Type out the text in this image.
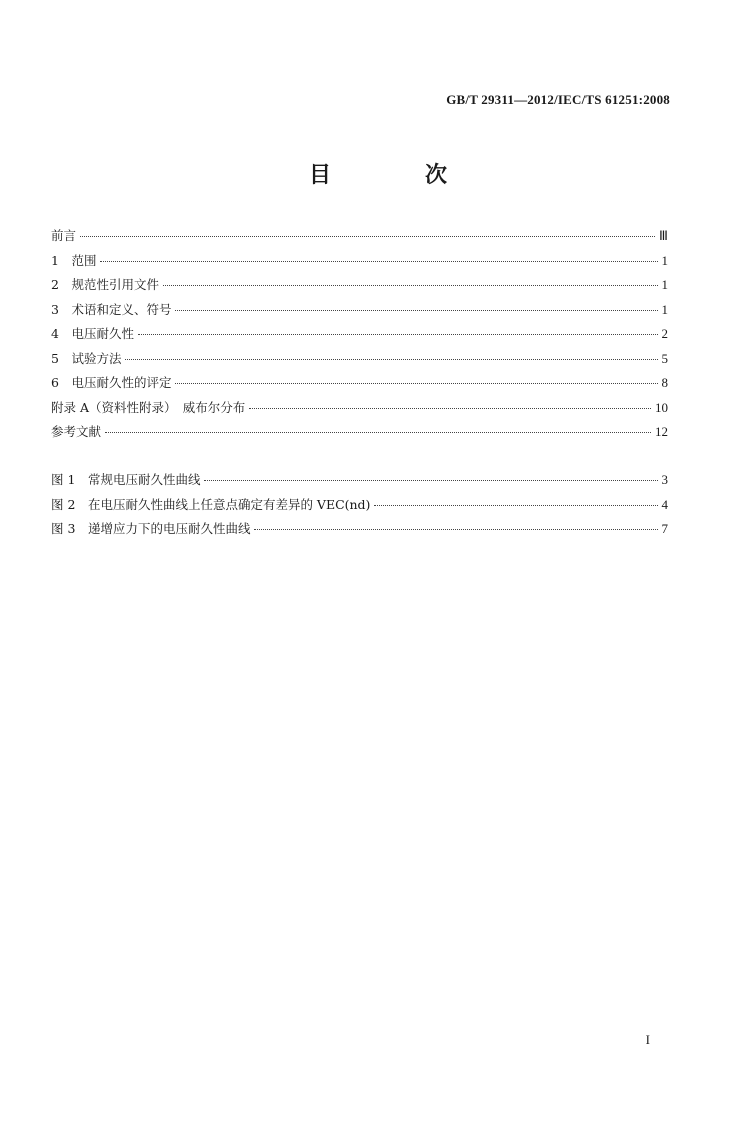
GB/T 29311—2012/IEC/TS 61251:2008
目　次
前言	Ⅲ
1　 范围	1
2　 规范性引用文件	1
3　 术语和定义、符号	1
4　 电压耐久性	2
5　 试验方法	5
6　 电压耐久性的评定	8
附录 A（资料性附录）　威布尔分布	10
参考文献	12
图 1　 常规电压耐久性曲线	3
图 2　 在电压耐久性曲线上任意点确定有差异的 VEC(nd)	4
图 3　 递增应力下的电压耐久性曲线	7
I
